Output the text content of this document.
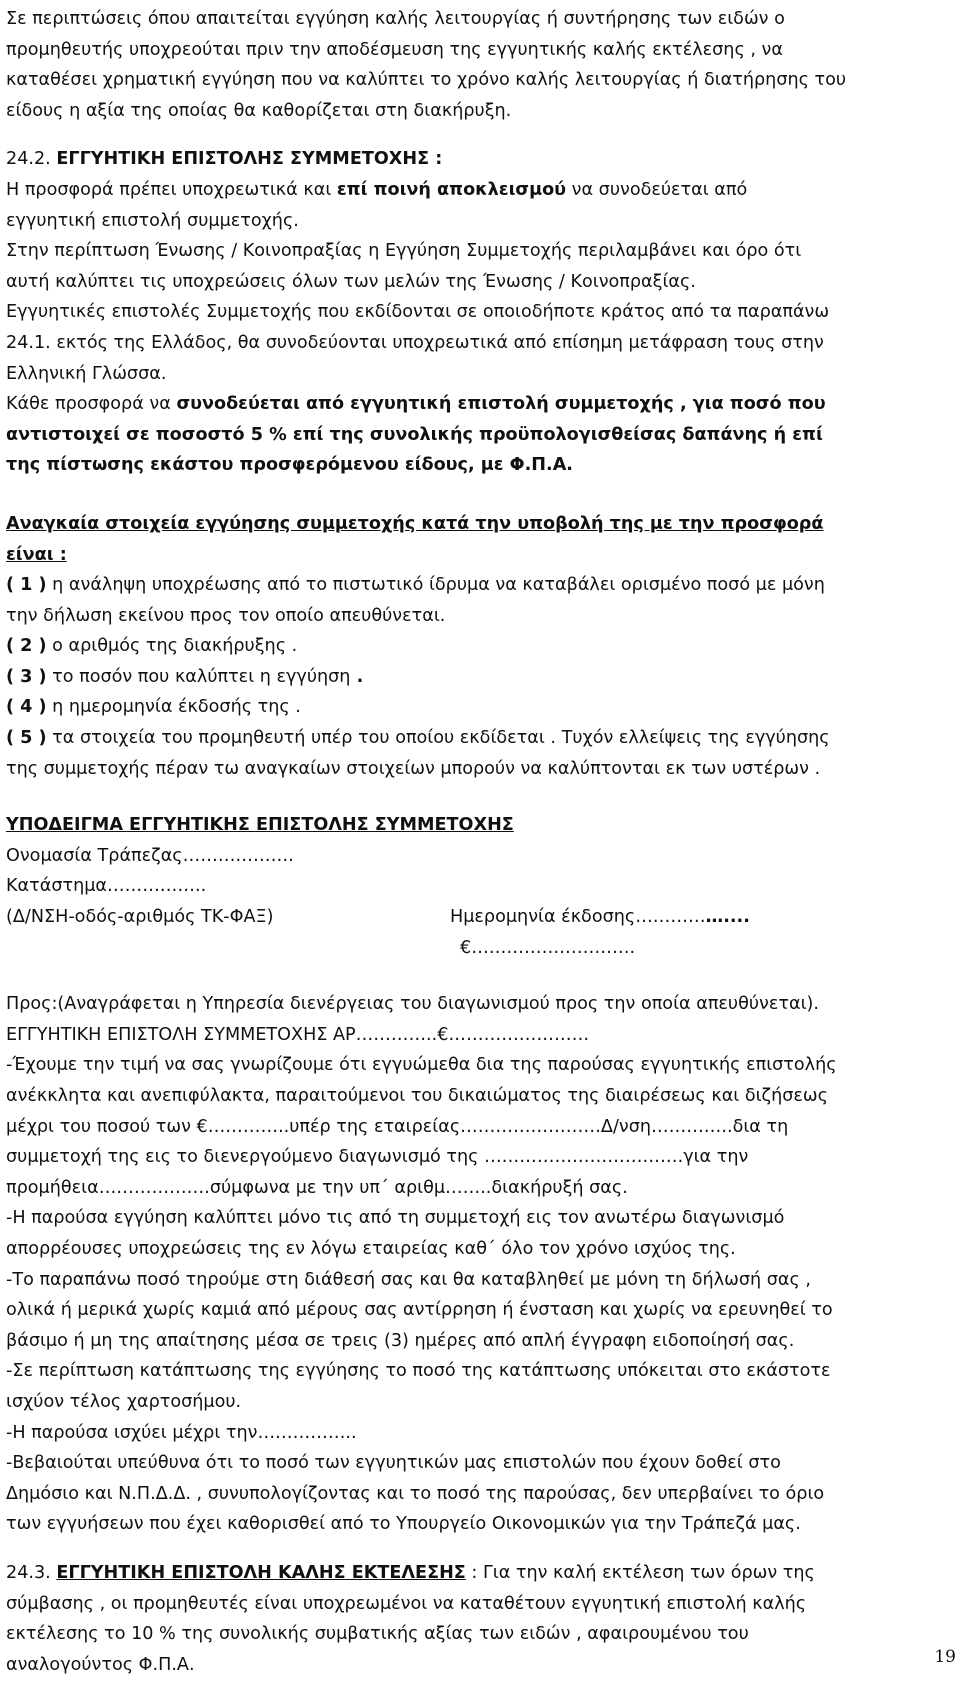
Σε περιπτώσεις όπου απαιτείται εγγύηση καλής λειτουργίας ή συντήρησης των ειδών ο
προμηθευτής υποχρεούται πριν την αποδέσμευση της εγγυητικής καλής εκτέλεσης , να
καταθέσει χρηματική εγγύηση που να καλύπτει το χρόνο καλής λειτουργίας ή διατήρησης του
είδους η αξία της οποίας θα καθορίζεται στη διακήρυξη.
24.2. ΕΓΓΥΗΤΙΚΗ ΕΠΙΣΤΟΛΗΣ ΣΥΜΜΕΤΟΧΗΣ :
Η προσφορά πρέπει υποχρεωτικά και επί ποινή αποκλεισμού να συνοδεύεται από
εγγυητική επιστολή συμμετοχής.
Στην περίπτωση Ένωσης / Κοινοπραξίας η Εγγύηση Συμμετοχής περιλαμβάνει και όρο ότι
αυτή καλύπτει τις υποχρεώσεις όλων των μελών της Ένωσης / Κοινοπραξίας.
Εγγυητικές επιστολές Συμμετοχής που εκδίδονται σε οποιοδήποτε κράτος από τα παραπάνω
24.1. εκτός της Ελλάδος, θα συνοδεύονται υποχρεωτικά από επίσημη μετάφραση τους στην
Ελληνική Γλώσσα.
Κάθε προσφορά να συνοδεύεται από εγγυητική επιστολή συμμετοχής , για ποσό που
αντιστοιχεί σε ποσοστό 5 % επί της συνολικής προϋπολογισθείσας δαπάνης ή επί
της πίστωσης εκάστου προσφερόμενου είδους, με Φ.Π.Α.
Αναγκαία στοιχεία εγγύησης συμμετοχής κατά την υποβολή της με την προσφορά
είναι :
( 1 ) η ανάληψη υποχρέωσης από το πιστωτικό ίδρυμα να καταβάλει ορισμένο ποσό με μόνη
την δήλωση εκείνου προς τον οποίο απευθύνεται.
( 2 ) ο αριθμός της διακήρυξης .
( 3 ) το ποσόν που καλύπτει η εγγύηση .
( 4 ) η ημερομηνία έκδοσής της .
( 5 ) τα στοιχεία του προμηθευτή υπέρ του οποίου εκδίδεται . Τυχόν ελλείψεις της εγγύησης
της συμμετοχής πέραν τω αναγκαίων στοιχείων μπορούν να καλύπτονται εκ των υστέρων .
ΥΠΟΔΕΙΓΜΑ ΕΓΓΥΗΤΙΚΗΣ ΕΠΙΣΤΟΛΗΣ ΣΥΜΜΕΤΟΧΗΣ
Ονομασία Τράπεζας……………….
Κατάστημα……………..
(Δ/ΝΣΗ-οδός-αριθμός ΤΚ-ΦΑΞ)	Ημερομηνία έκδοσης……………....
€……………………….
Προς:(Αναγράφεται η Υπηρεσία διενέργειας του διαγωνισμού προς την οποία απευθύνεται).
ΕΓΓΥΗΤΙΚΗ ΕΠΙΣΤΟΛΗ ΣΥΜΜΕΤΟΧΗΣ ΑΡ…………..€……………………
-Έχουμε την τιμή να σας γνωρίζουμε ότι εγγυώμεθα δια της παρούσας εγγυητικής επιστολής
ανέκκλητα και ανεπιφύλακτα, παραιτούμενοι του δικαιώματος της διαιρέσεως και διζήσεως
μέχρι του ποσού των €…………..υπέρ της εταιρείας……………………Δ/νση…………..δια τη
συμμετοχή της εις το διενεργούμενο διαγωνισμό της …………………………….για την
προμήθεια……………….σύμφωνα με την υπ΄ αριθμ……..διακήρυξή σας.
-Η παρούσα εγγύηση καλύπτει μόνο τις από τη συμμετοχή εις τον ανωτέρω διαγωνισμό
απορρέουσες υποχρεώσεις της εν λόγω εταιρείας καθ΄ όλο τον χρόνο ισχύος της.
-Το παραπάνω ποσό τηρούμε στη διάθεσή σας και θα καταβληθεί με μόνη τη δήλωσή σας ,
ολικά ή μερικά χωρίς καμιά από μέρους σας αντίρρηση ή ένσταση και χωρίς να ερευνηθεί το
βάσιμο ή μη της απαίτησης μέσα σε τρεις (3) ημέρες από απλή έγγραφη ειδοποίησή σας.
-Σε περίπτωση κατάπτωσης της εγγύησης το ποσό της κατάπτωσης υπόκειται στο εκάστοτε
ισχύον τέλος χαρτοσήμου.
-Η παρούσα ισχύει μέχρι την……………..
-Βεβαιούται υπεύθυνα ότι το ποσό των εγγυητικών μας επιστολών που έχουν δοθεί στο
Δημόσιο και Ν.Π.Δ.Δ. , συνυπολογίζοντας και το ποσό της παρούσας, δεν υπερβαίνει το όριο
των εγγυήσεων που έχει καθορισθεί από το Υπουργείο Οικονομικών για την Τράπεζά μας.
24.3. ΕΓΓΥΗΤΙΚΗ ΕΠΙΣΤΟΛΗ ΚΑΛΗΣ ΕΚΤΕΛΕΣΗΣ : Για την καλή εκτέλεση των όρων της
σύμβασης , οι προμηθευτές είναι υποχρεωμένοι να καταθέτουν εγγυητική επιστολή καλής
εκτέλεσης το 10 % της συνολικής συμβατικής αξίας των ειδών , αφαιρουμένου του
αναλογούντος Φ.Π.Α.	19
